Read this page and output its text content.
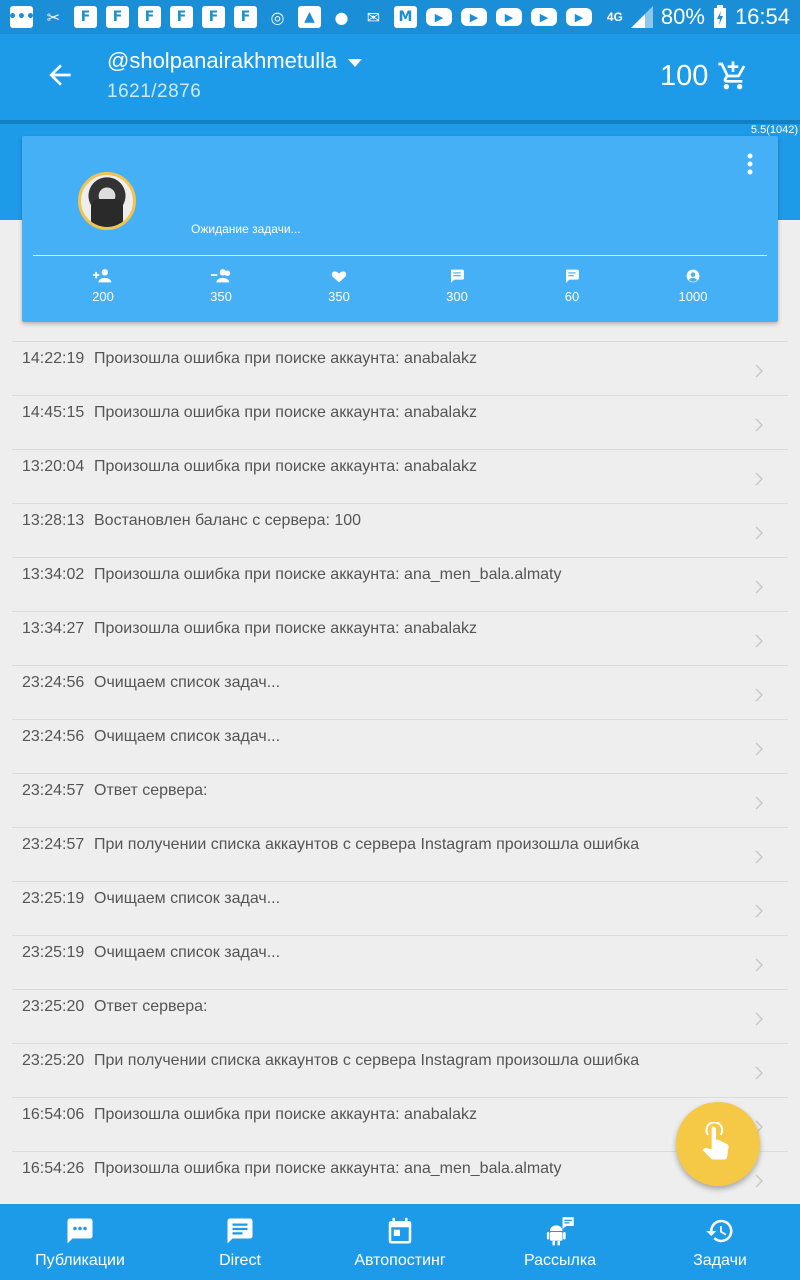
••• ✂	F	F	F	F	F	F	◎	▲	● ✉	M	▶	▶	▶	▶	▶	4G 80% 16:54
@sholpanairakhmetulla
1621/2876	100
5.5(1042)
Ожидание задачи...
200	350	350	300	60	1000
14:22:19 Произошла ошибка при поиске аккаунта: anabalakz
14:45:15 Произошла ошибка при поиске аккаунта: anabalakz
13:20:04 Произошла ошибка при поиске аккаунта: anabalakz
13:28:13 Востановлен баланс с сервера: 100
13:34:02 Произошла ошибка при поиске аккаунта: ana_men_bala.almaty
13:34:27 Произошла ошибка при поиске аккаунта: anabalakz
23:24:56 Очищаем список задач...
23:24:56 Очищаем список задач...
23:24:57 Ответ сервера:
23:24:57 При получении списка аккаунтов с сервера Instagram произошла ошибка
23:25:19 Очищаем список задач...
23:25:19 Очищаем список задач...
23:25:20 Ответ сервера:
23:25:20 При получении списка аккаунтов с сервера Instagram произошла ошибка
16:54:06 Произошла ошибка при поиске аккаунта: anabalakz
16:54:26 Произошла ошибка при поиске аккаунта: ana_men_bala.almaty
Публикации	Direct	Автопостинг	Рассылка	Задачи
